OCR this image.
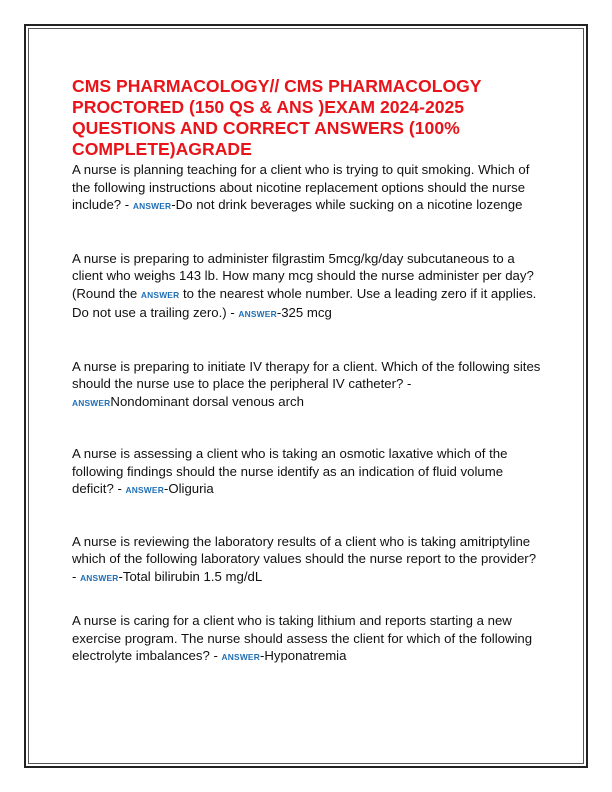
CMS PHARMACOLOGY// CMS PHARMACOLOGY PROCTORED (150 QS & ANS )EXAM 2024-2025 QUESTIONS AND CORRECT ANSWERS (100% COMPLETE)AGRADE

A nurse is planning teaching for a client who is trying to quit smoking. Which of the following instructions about nicotine replacement options should the nurse include? - ANSWER-Do not drink beverages while sucking on a nicotine lozenge

A nurse is preparing to administer filgrastim 5mcg/kg/day subcutaneous to a client who weighs 143 lb. How many mcg should the nurse administer per day? (Round the ANSWER to the nearest whole number. Use a leading zero if it applies.
Do not use a trailing zero.) - ANSWER-325 mcg

A nurse is preparing to initiate IV therapy for a client. Which of the following sites
should the nurse use to place the peripheral IV catheter? -
ANSWERNondominant dorsal venous arch

A nurse is assessing a client who is taking an osmotic laxative which of the following findings should the nurse identify as an indication of fluid volume deficit? - ANSWER-Oliguria

A nurse is reviewing the laboratory results of a client who is taking amitriptyline which of the following laboratory values should the nurse report to the provider? - ANSWER-Total bilirubin 1.5 mg/dL

A nurse is caring for a client who is taking lithium and reports starting a new exercise program. The nurse should assess the client for which of the following electrolyte imbalances? - ANSWER-Hyponatremia
